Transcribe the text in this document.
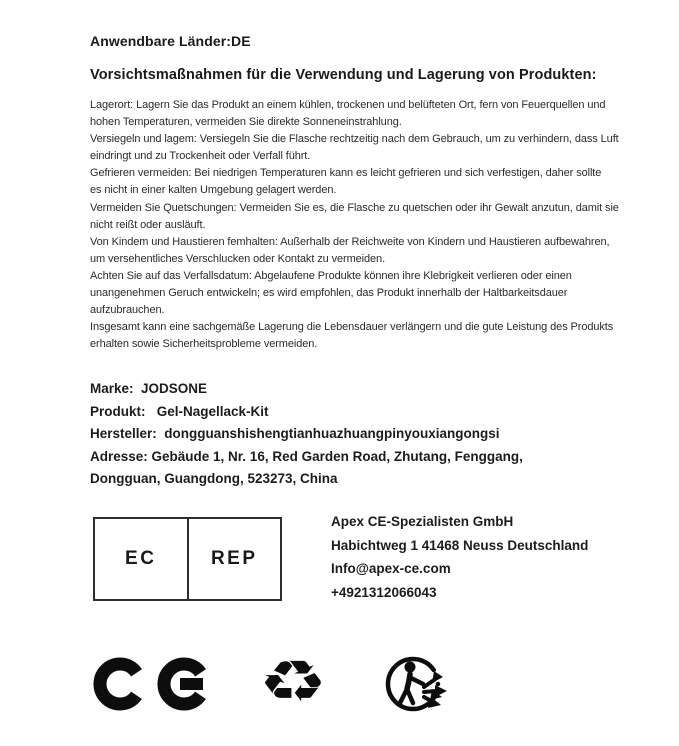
Anwendbare Länder:DE
Vorsichtsmaßnahmen für die Verwendung und Lagerung von Produkten:
Lagerort: Lagern Sie das Produkt an einem kühlen, trockenen und belüfteten Ort, fern von Feuerquellen und
hohen Temperaturen, vermeiden Sie direkte Sonneneinstrahlung.
Versiegeln und lagem: Versiegeln Sie die Flasche rechtzeitig nach dem Gebrauch, um zu verhindern, dass Luft
eindringt und zu Trockenheit oder Verfall führt.
Gefrieren vermeiden: Bei niedrigen Temperaturen kann es leicht gefrieren und sich verfestigen, daher sollte
es nicht in einer kalten Umgebung gelagert werden.
Vermeiden Sie Quetschungen: Vermeiden Sie es, die Flasche zu quetschen oder ihr Gewalt anzutun, damit sie
nicht reißt oder ausläuft.
Von Kindem und Haustieren femhalten: Außerhalb der Reichweite von Kindern und Haustieren aufbewahren,
um versehentliches Verschlucken oder Kontakt zu vermeiden.
Achten Sie auf das Verfallsdatum: Abgelaufene Produkte können ihre Klebrigkeit verlieren oder einen
unangenehmen Geruch entwickeln; es wird empfohlen, das Produkt innerhalb der Haltbarkeitsdauer
aufzubrauchen.
Insgesamt kann eine sachgemäße Lagerung die Lebensdauer verlängern und die gute Leistung des Produkts
erhalten sowie Sicherheitsprobleme vermeiden.
Marke:  JODSONE
Produkt:   Gel-Nagellack-Kit
Hersteller:  dongguanshishengtianhuazhuangpinyouxiangongsi
Adresse: Gebäude 1, Nr. 16, Red Garden Road, Zhutang, Fenggang,
Dongguan, Guangdong, 523273, China
EC	REP
Apex CE-Spezialisten GmbH
Habichtweg 1 41468 Neuss Deutschland
Info@apex-ce.com
+4921312066043
♻
